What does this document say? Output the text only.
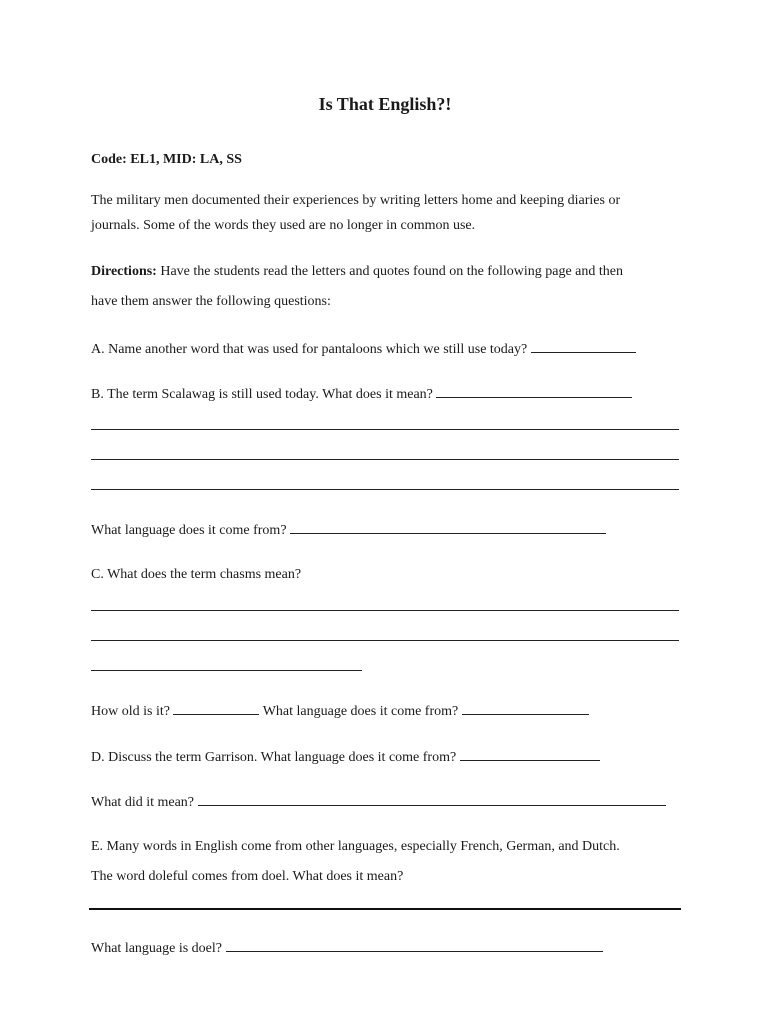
Is That English?!
Code: EL1, MID: LA, SS
The military men documented their experiences by writing letters home and keeping diaries or
journals. Some of the words they used are no longer in common use.
Directions: Have the students read the letters and quotes found on the following page and then
have them answer the following questions:
A. Name another word that was used for pantaloons which we still use today?
B. The term Scalawag is still used today. What does it mean?
What language does it come from?
C. What does the term chasms mean?
How old is it?	What language does it come from?
D. Discuss the term Garrison. What language does it come from?
What did it mean?
E. Many words in English come from other languages, especially French, German, and Dutch.
The word doleful comes from doel. What does it mean?
What language is doel?
